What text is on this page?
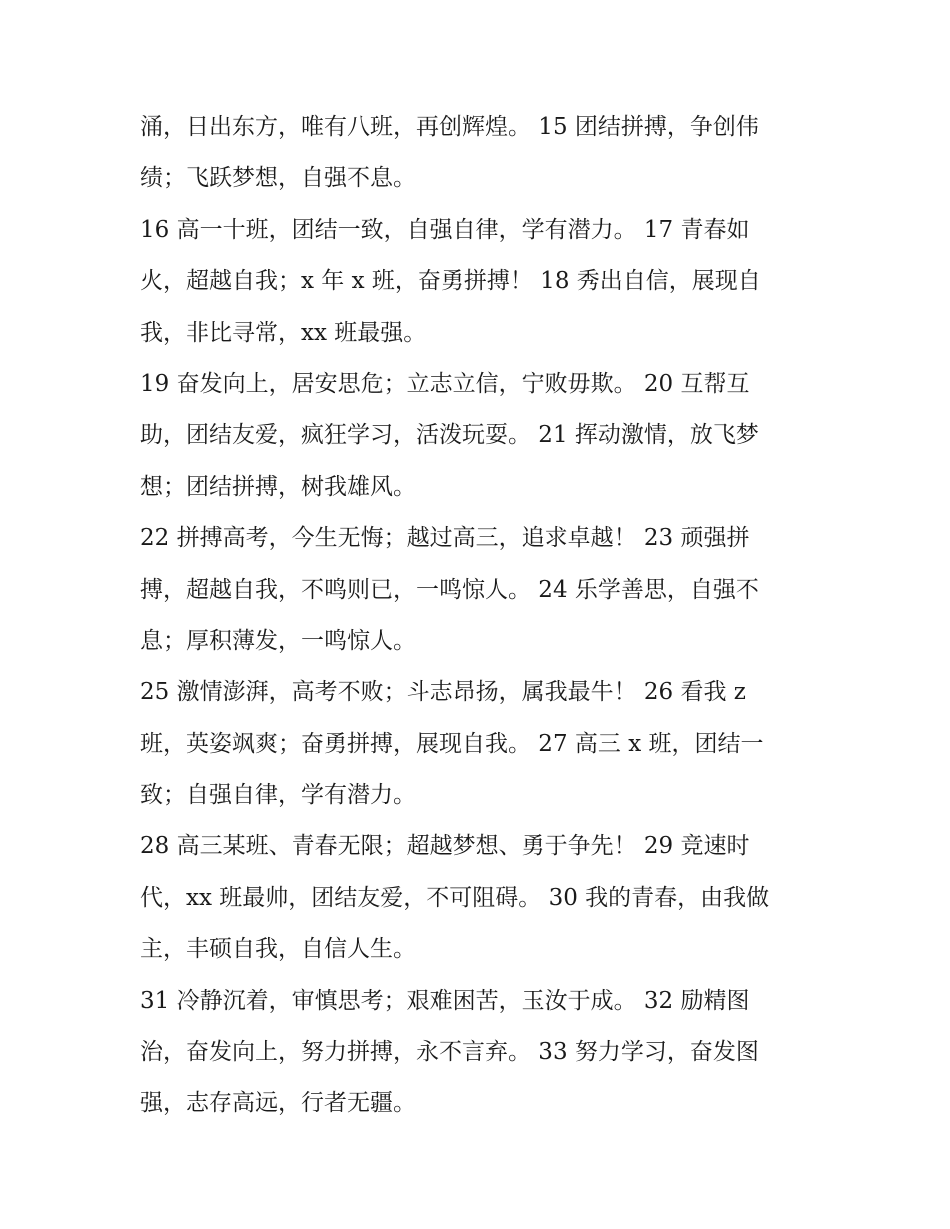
涌，日出东方，唯有八班，再创辉煌。 15 团结拼搏，争创伟
绩；飞跃梦想，自强不息。

16 高一十班，团结一致，自强自律，学有潜力。 17 青春如
火，超越自我；x 年 x 班，奋勇拼搏！ 18 秀出自信，展现自
我，非比寻常，xx 班最强。

19 奋发向上，居安思危；立志立信，宁败毋欺。 20 互帮互
助，团结友爱，疯狂学习，活泼玩耍。 21 挥动激情，放飞梦
想；团结拼搏，树我雄风。

22 拼搏高考，今生无悔；越过高三，追求卓越！ 23 顽强拼
搏，超越自我，不鸣则已，一鸣惊人。 24 乐学善思，自强不
息；厚积薄发，一鸣惊人。

25 激情澎湃，高考不败；斗志昂扬，属我最牛！ 26 看我 z
班，英姿飒爽；奋勇拼搏，展现自我。 27 高三 x 班，团结一
致；自强自律，学有潜力。

28 高三某班、青春无限；超越梦想、勇于争先！ 29 竞速时
代，xx 班最帅，团结友爱，不可阻碍。 30 我的青春，由我做
主，丰硕自我，自信人生。

31 冷静沉着，审慎思考；艰难困苦，玉汝于成。 32 励精图
治，奋发向上，努力拼搏，永不言弃。 33 努力学习，奋发图
强，志存高远，行者无疆。
